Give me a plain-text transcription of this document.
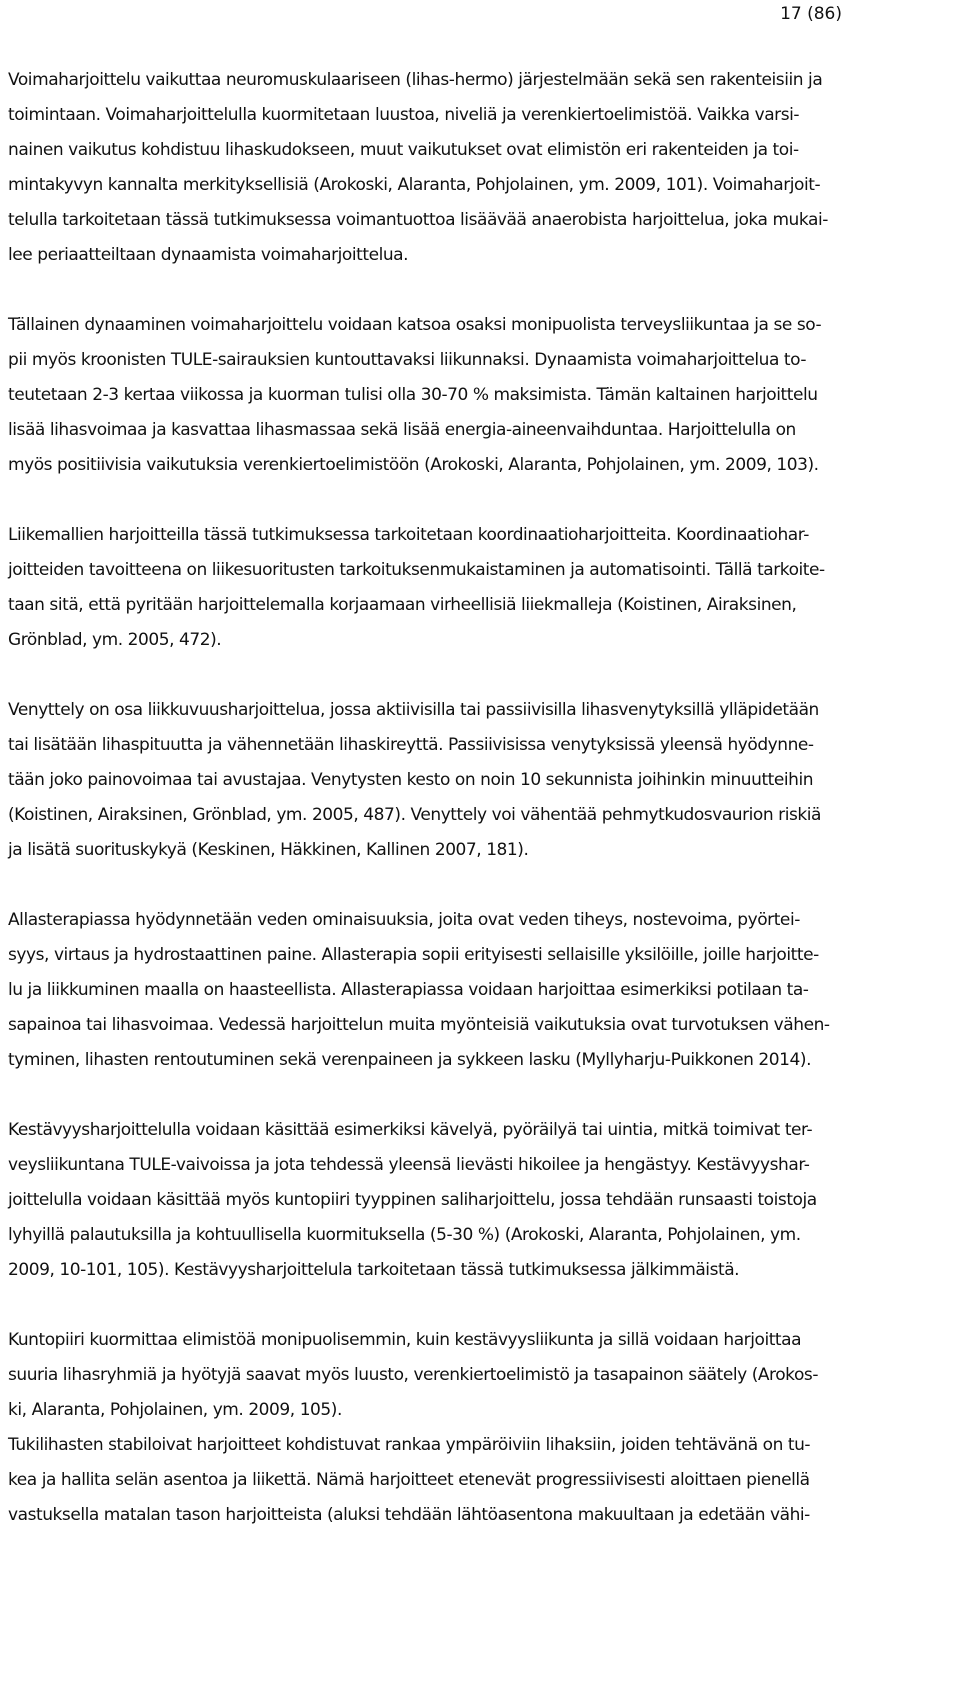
17 (86)

Voimaharjoittelu vaikuttaa neuromuskulaariseen (lihas-hermo) järjestelmään sekä sen rakenteisiin ja
toimintaan. Voimaharjoittelulla kuormitetaan luustoa, niveliä ja verenkiertoelimistöä. Vaikka varsi-
nainen vaikutus kohdistuu lihaskudokseen, muut vaikutukset ovat elimistön eri rakenteiden ja toi-
mintakyvyn kannalta merkityksellisiä (Arokoski, Alaranta, Pohjolainen, ym. 2009, 101). Voimaharjoit-
telulla tarkoitetaan tässä tutkimuksessa voimantuottoa lisäävää anaerobista harjoittelua, joka mukai-
lee periaatteiltaan dynaamista voimaharjoittelua.

Tällainen dynaaminen voimaharjoittelu voidaan katsoa osaksi monipuolista terveysliikuntaa ja se so-
pii myös kroonisten TULE-sairauksien kuntouttavaksi liikunnaksi. Dynaamista voimaharjoittelua to-
teutetaan 2-3 kertaa viikossa ja kuorman tulisi olla 30-70 % maksimista. Tämän kaltainen harjoittelu
lisää lihasvoimaa ja kasvattaa lihasmassaa sekä lisää energia-aineenvaihduntaa. Harjoittelulla on
myös positiivisia vaikutuksia verenkiertoelimistöön (Arokoski, Alaranta, Pohjolainen, ym. 2009, 103).

Liikemallien harjoitteilla tässä tutkimuksessa tarkoitetaan koordinaatioharjoitteita. Koordinaatiohar-
joitteiden tavoitteena on liikesuoritusten tarkoituksenmukaistaminen ja automatisointi. Tällä tarkoite-
taan sitä, että pyritään harjoittelemalla korjaamaan virheellisiä liiekmalleja (Koistinen, Airaksinen,
Grönblad, ym. 2005, 472).

Venyttely on osa liikkuvuusharjoittelua, jossa aktiivisilla tai passiivisilla lihasvenytyksillä ylläpidetään
tai lisätään lihaspituutta ja vähennetään lihaskireyttä. Passiivisissa venytyksissä yleensä hyödynne-
tään joko painovoimaa tai avustajaa. Venytysten kesto on noin 10 sekunnista joihinkin minuutteihin
(Koistinen, Airaksinen, Grönblad, ym. 2005, 487). Venyttely voi vähentää pehmytkudosvaurion riskiä
ja lisätä suorituskykyä (Keskinen, Häkkinen, Kallinen 2007, 181).

Allasterapiassa hyödynnetään veden ominaisuuksia, joita ovat veden tiheys, nostevoima, pyörtei-
syys, virtaus ja hydrostaattinen paine. Allasterapia sopii erityisesti sellaisille yksilöille, joille harjoitte-
lu ja liikkuminen maalla on haasteellista. Allasterapiassa voidaan harjoittaa esimerkiksi potilaan ta-
sapainoa tai lihasvoimaa. Vedessä harjoittelun muita myönteisiä vaikutuksia ovat turvotuksen vähen-
tyminen, lihasten rentoutuminen sekä verenpaineen ja sykkeen lasku (Myllyharju-Puikkonen 2014).

Kestävyysharjoittelulla voidaan käsittää esimerkiksi kävelyä, pyöräilyä tai uintia, mitkä toimivat ter-
veysliikuntana TULE-vaivoissa ja jota tehdessä yleensä lievästi hikoilee ja hengästyy. Kestävyyshar-
joittelulla voidaan käsittää myös kuntopiiri tyyppinen saliharjoittelu, jossa tehdään runsaasti toistoja
lyhyillä palautuksilla ja kohtuullisella kuormituksella (5-30 %) (Arokoski, Alaranta, Pohjolainen, ym.
2009, 10-101, 105). Kestävyysharjoittelula tarkoitetaan tässä tutkimuksessa jälkimmäistä.

Kuntopiiri kuormittaa elimistöä monipuolisemmin, kuin kestävyysliikunta ja sillä voidaan harjoittaa
suuria lihasryhmiä ja hyötyjä saavat myös luusto, verenkiertoelimistö ja tasapainon säätely (Arokos-
ki, Alaranta, Pohjolainen, ym. 2009, 105).

Tukilihasten stabiloivat harjoitteet kohdistuvat rankaa ympäröiviin lihaksiin, joiden tehtävänä on tu-
kea ja hallita selän asentoa ja liikettä. Nämä harjoitteet etenevät progressiivisesti aloittaen pienellä
vastuksella matalan tason harjoitteista (aluksi tehdään lähtöasentona makuultaan ja edetään vähi-
